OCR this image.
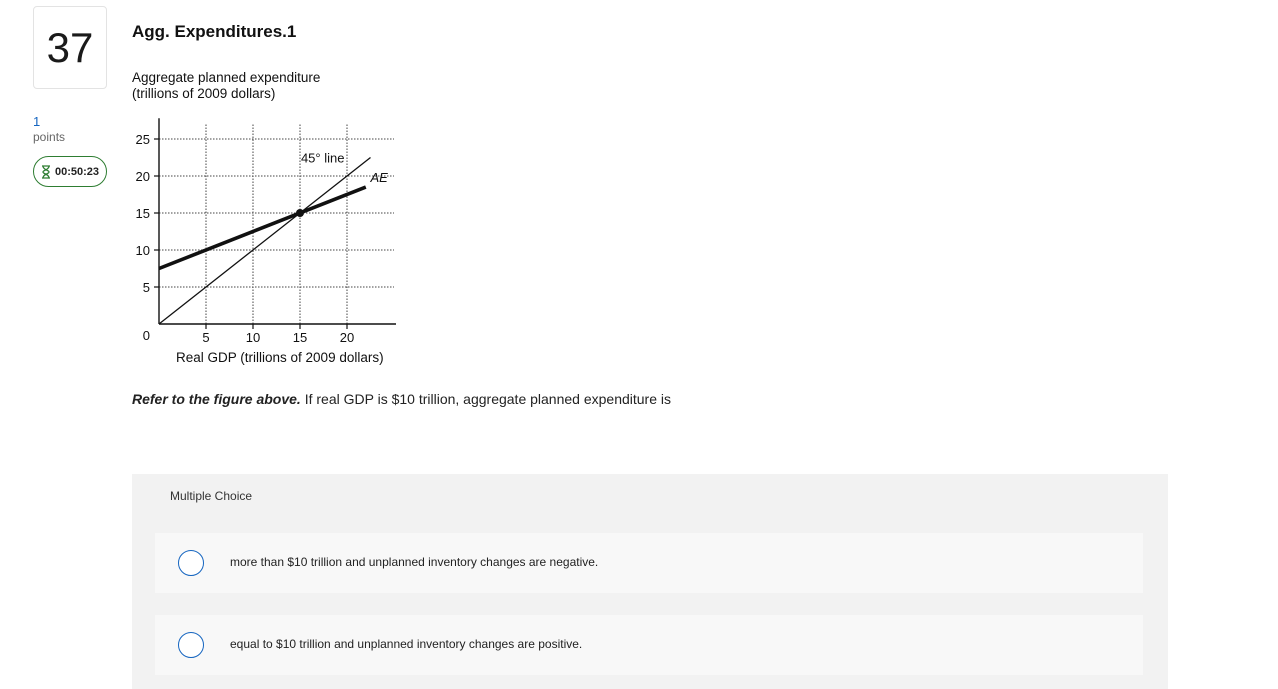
37
1
points
00:50:23
Agg. Expenditures.1
Aggregate planned expenditure
(trillions of 2009 dollars)
5
10
15
20
25
5	10	15	20
0
Real GDP (trillions of 2009 dollars)
45° line
AE
Refer to the figure above. If real GDP is $10 trillion, aggregate planned expenditure is
Multiple Choice
more than $10 trillion and unplanned inventory changes are negative.
equal to $10 trillion and unplanned inventory changes are positive.
